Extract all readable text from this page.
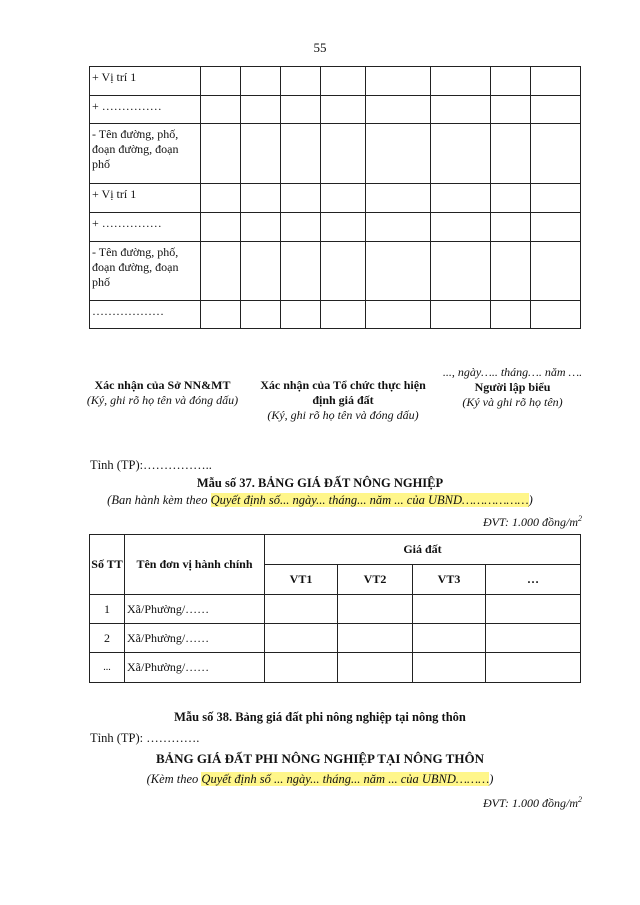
55
+ Vị trí 1								
+ ……………								
- Tên đường, phố, đoạn đường, đoạn phố								
+ Vị trí 1								
+ ……………								
- Tên đường, phố, đoạn đường, đoạn phố								
………………								
Xác nhận của Sở NN&MT
(Ký, ghi rõ họ tên và đóng dấu)
Xác nhận của Tổ chức thực hiện định giá đất
(Ký, ghi rõ họ tên và đóng dấu)
..., ngày….. tháng…. năm ….
Người lập biểu
(Ký và ghi rõ họ tên)
Tỉnh (TP):……………..
Mẫu số 37. BẢNG GIÁ ĐẤT NÔNG NGHIỆP
(Ban hành kèm theo Quyết định số... ngày... tháng... năm ... của UBND………………)
ĐVT: 1.000 đồng/$m^2$
Số TT	Tên đơn vị hành chính	Giá đất			
		VT1	VT2	VT3	…
1	Xã/Phường/……				
2	Xã/Phường/……				
...	Xã/Phường/……				
Mẫu số 38. Bảng giá đất phi nông nghiệp tại nông thôn
Tỉnh (TP): ………….
BẢNG GIÁ ĐẤT PHI NÔNG NGHIỆP TẠI NÔNG THÔN
(Kèm theo Quyết định số ... ngày... tháng... năm ... của UBND………)
ĐVT: 1.000 đồng/$m^2$
